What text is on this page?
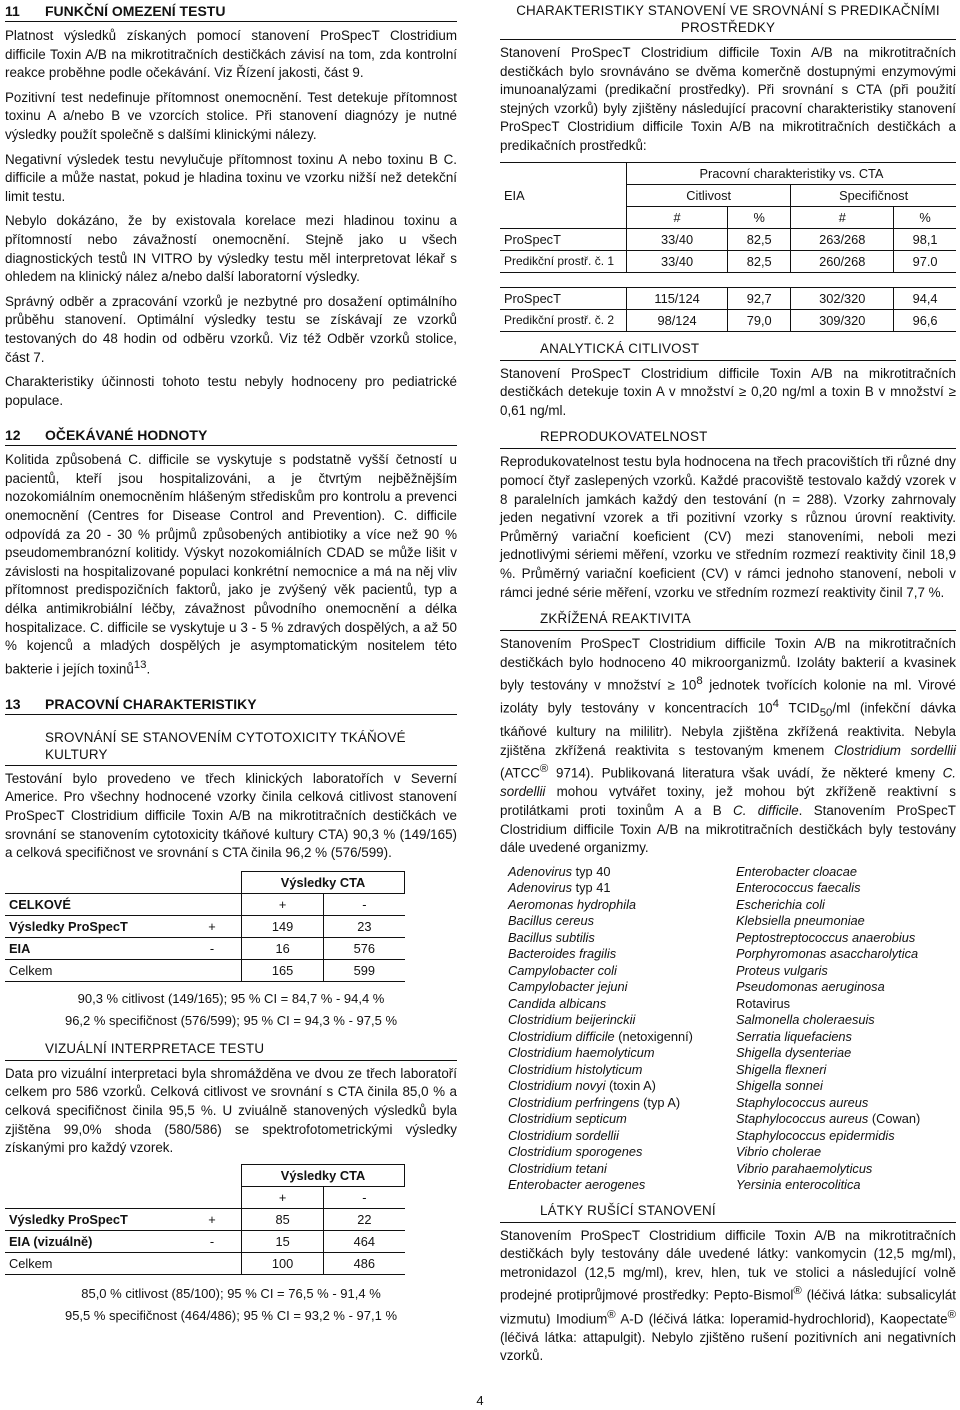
11 FUNKČNÍ OMEZENÍ TESTU

Platnost výsledků získaných pomocí stanovení ProSpecT Clostridium difficile Toxin A/B na mikrotitračních destičkách závisí na tom, zda kontrolní reakce proběhne podle očekávání. Viz Řízení jakosti, část 9.

Pozitivní test nedefinuje přítomnost onemocnění. Test detekuje přítomnost toxinu A a/nebo B ve vzorcích stolice. Při stanovení diagnózy je nutné výsledky použít společně s dalšími klinickými nálezy.

Negativní výsledek testu nevylučuje přítomnost toxinu A nebo toxinu B C. difficile a může nastat, pokud je hladina toxinu ve vzorku nižší než detekční limit testu.

Nebylo dokázáno, že by existovala korelace mezi hladinou toxinu a přítomností nebo závažností onemocnění. Stejně jako u všech diagnostických testů IN VITRO by výsledky testu měl interpretovat lékař s ohledem na klinický nález a/nebo další laboratorní výsledky.

Správný odběr a zpracování vzorků je nezbytné pro dosažení optimálního průběhu stanovení. Optimální výsledky testu se získávají ze vzorků testovaných do 48 hodin od odběru vzorků. Viz též Odběr vzorků stolice, část 7.

Charakteristiky účinnosti tohoto testu nebyly hodnoceny pro pediatrické populace.

12 OČEKÁVANÉ HODNOTY

Kolitida způsobená C. difficile se vyskytuje s podstatně vyšší četností u pacientů, kteří jsou hospitalizováni, a je čtvrtým nejběžnějším nozokomiálním onemocněním hlášeným střediskům pro kontrolu a prevenci onemocnění (Centres for Disease Control and Prevention). C. difficile odpovídá za 20 - 30 % průjmů způsobených antibiotiky a více než 90 % pseudomembranózní kolitidy. Výskyt nozokomiálních CDAD se může lišit v závislosti na hospitalizované populaci konkrétní nemocnice a má na něj vliv přítomnost predispozičních faktorů, jako je zvýšený věk pacientů, typ a délka antimikrobiální léčby, závažnost původního onemocnění a délka hospitalizace. C. difficile se vyskytuje u 3 - 5 % zdravých dospělých, a až 50 % kojenců a mladých dospělých je asymptomatickým nositelem této bakterie i jejích toxinů$^{13}$.

13 PRACOVNÍ CHARAKTERISTIKY
SROVNÁNÍ SE STANOVENÍM CYTOTOXICITY TKÁŇOVÉ KULTURY

Testování bylo provedeno ve třech klinických laboratořích v Severní Americe. Pro všechny hodnocené vzorky činila celková citlivost stanovení ProSpecT Clostridium difficile Toxin A/B na mikrotitračních destičkách ve srovnání se stanovením cytotoxicity tkáňové kultury CTA) 90,3 % (149/165) a celková specifičnost ve srovnání s CTA činila 96,2 % (576/599).

		Výsledky CTA	
CELKOVÉ		+	-
Výsledky ProSpecT	+	149	23
EIA	-	16	576
Celkem		165	599
90,3 % citlivost (149/165); 95 % CI = 84,7 % - 94,4 %
96,2 % specifičnost (576/599); 95 % CI = 94,3 % - 97,5 %
VIZUÁLNÍ INTERPRETACE TESTU

Data pro vizuální interpretaci byla shromážděna ve dvou ze třech laboratoří celkem pro 586 vzorků. Celková citlivost ve srovnání s CTA činila 85,0 % a celková specifičnost činila 95,5 %. U zviuálně stanovených výsledků byla zjištěna 99,0% shoda (580/586) se spektrofotometrickými výsledky získanými pro každý vzorek.

		Výsledky CTA	
		+	-
Výsledky ProSpecT	+	85	22
EIA (vizuálně)	-	15	464
Celkem		100	486
85,0 % citlivost (85/100); 95 % CI = 76,5 % - 91,4 %
95,5 % specifičnost (464/486); 95 % CI = 93,2 % - 97,1 %
CHARAKTERISTIKY STANOVENÍ VE SROVNÁNÍ S PREDIKAČNÍMI PROSTŘEDKY

Stanovení ProSpecT Clostridium difficile Toxin A/B na mikrotitračních destičkách bylo srovnáváno se dvěma komerčně dostupnými enzymovými imunoanalýzami (predikační prostředky). Při srovnání s CTA (při použití stejných vzorků) byly zjištěny následující pracovní charakteristiky stanovení ProSpecT Clostridium difficile Toxin A/B na mikrotitračních destičkách a predikačních prostředků:

	Pracovní charakteristiky vs. CTA			
EIA	Citlivost		Specifičnost	
	#	%	#	%
ProSpecT	33/40	82,5	263/268	98,1
Predikční prostř. č. 1	33/40	82,5	260/268	97.0

ProSpecT	115/124	92,7	302/320	94,4
Predikční prostř. č. 2	98/124	79,0	309/320	96,6
ANALYTICKÁ CITLIVOST

Stanovení ProSpecT Clostridium difficile Toxin A/B na mikrotitračních destičkách detekuje toxin A v množství ≥ 0,20 ng/ml a toxin B v množství ≥ 0,61 ng/ml.

REPRODUKOVATELNOST

Reprodukovatelnost testu byla hodnocena na třech pracovištích tři různé dny pomocí čtyř zaslepených vzorků. Každé pracoviště testovalo každý vzorek v 8 paralelních jamkách každý den testování (n = 288). Vzorky zahrnovaly jeden negativní vzorek a tři pozitivní vzorky s různou úrovní reaktivity. Průměrný variační koeficient (CV) mezi stanoveními, neboli mezi jednotlivými sériemi měření, vzorku ve středním rozmezí reaktivity činil 18,9 %. Průměrný variační koeficient (CV) v rámci jednoho stanovení, neboli v rámci jedné série měření, vzorku ve středním rozmezí reaktivity činil 7,7 %.

ZKŘÍŽENÁ REAKTIVITA

Stanovením ProSpecT Clostridium difficile Toxin A/B na mikrotitračních destičkách bylo hodnoceno 40 mikroorganizmů. Izoláty bakterií a kvasinek byly testovány v množství ≥ $10^8$ jednotek tvořících kolonie na ml. Virové izoláty byly testovány v koncentracích $10^4$ $TCID_{50}/ml$ (infekční dávka tkáňové kultury na mililitr). Nebyla zjištěna zkřížená reaktivita. Nebyla zjištěna zkřížená reaktivita s testovaným kmenem Clostridium sordellii (ATCC® 9714). Publikovaná literatura však uvádí, že některé kmeny C. sordellii mohou vytvářet toxiny, jež mohou být zkříženě reaktivní s protilátkami proti toxinům A a B C. difficile. Stanovením ProSpecT Clostridium difficile Toxin A/B na mikrotitračních destičkách byly testovány dále uvedené organizmy.

Adenovirus typ 40	Enterobacter cloacae
Adenovirus typ 41	Enterococcus faecalis
Aeromonas hydrophila	Escherichia coli
Bacillus cereus	Klebsiella pneumoniae
Bacillus subtilis	Peptostreptococcus anaerobius
Bacteroides fragilis	Porphyromonas asaccharolytica
Campylobacter coli	Proteus vulgaris
Campylobacter jejuni	Pseudomonas aeruginosa
Candida albicans	Rotavirus
Clostridium beijerinckii	Salmonella choleraesuis
Clostridium difficile (netoxigenní)	Serratia liquefaciens
Clostridium haemolyticum	Shigella dysenteriae
Clostridium histolyticum	Shigella flexneri
Clostridium novyi (toxin A)	Shigella sonnei
Clostridium perfringens (typ A)	Staphylococcus aureus
Clostridium septicum	Staphylococcus aureus (Cowan)
Clostridium sordellii	Staphylococcus epidermidis
Clostridium sporogenes	Vibrio cholerae
Clostridium tetani	Vibrio parahaemolyticus
Enterobacter aerogenes	Yersinia enterocolitica
LÁTKY RUŠÍCÍ STANOVENÍ

Stanovením ProSpecT Clostridium difficile Toxin A/B na mikrotitračních destičkách byly testovány dále uvedené látky: vankomycin (12,5 mg/ml), metronidazol (12,5 mg/ml), krev, hlen, tuk ve stolici a následující volně prodejné protiprůjmové prostředky: Pepto-Bismol® (léčivá látka: subsalicylát vizmutu) Imodium® A-D (léčivá látka: loperamid-hydrochlorid), Kaopectate® (léčivá látka: attapulgit). Nebylo zjištěno rušení pozitivních ani negativních vzorků.

4
